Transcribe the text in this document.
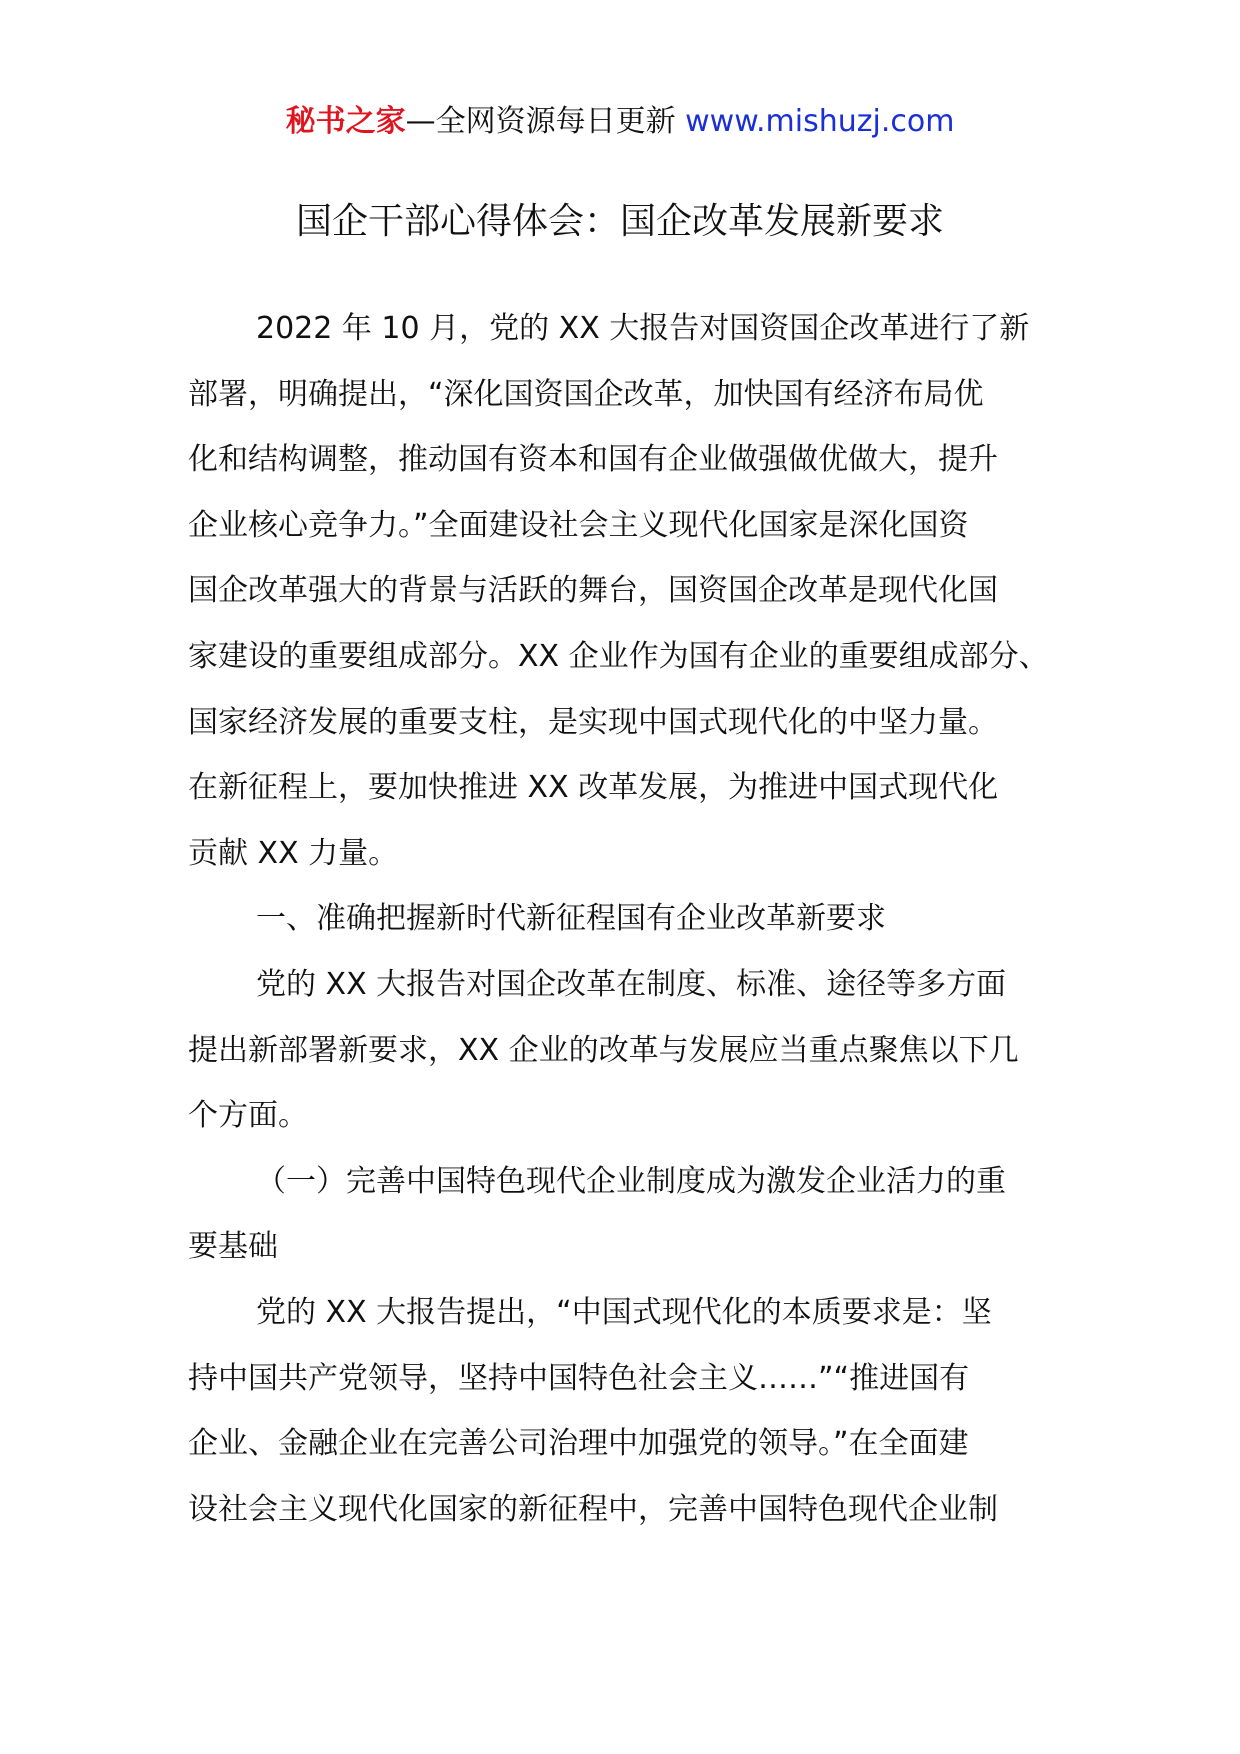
秘书之家—全网资源每日更新 www.mishuzj.com
国企干部心得体会：国企改革发展新要求
2022 年 10 月，党的 XX 大报告对国资国企改革进行了新
部署，明确提出，“深化国资国企改革，加快国有经济布局优
化和结构调整，推动国有资本和国有企业做强做优做大，提升
企业核心竞争力。”全面建设社会主义现代化国家是深化国资
国企改革强大的背景与活跃的舞台，国资国企改革是现代化国
家建设的重要组成部分。XX 企业作为国有企业的重要组成部分、
国家经济发展的重要支柱，是实现中国式现代化的中坚力量。
在新征程上，要加快推进 XX 改革发展，为推进中国式现代化
贡献 XX 力量。
一、准确把握新时代新征程国有企业改革新要求
党的 XX 大报告对国企改革在制度、标准、途径等多方面
提出新部署新要求，XX 企业的改革与发展应当重点聚焦以下几
个方面。
（一）完善中国特色现代企业制度成为激发企业活力的重
要基础
党的 XX 大报告提出，“中国式现代化的本质要求是：坚
持中国共产党领导，坚持中国特色社会主义……”“推进国有
企业、金融企业在完善公司治理中加强党的领导。”在全面建
设社会主义现代化国家的新征程中，完善中国特色现代企业制
